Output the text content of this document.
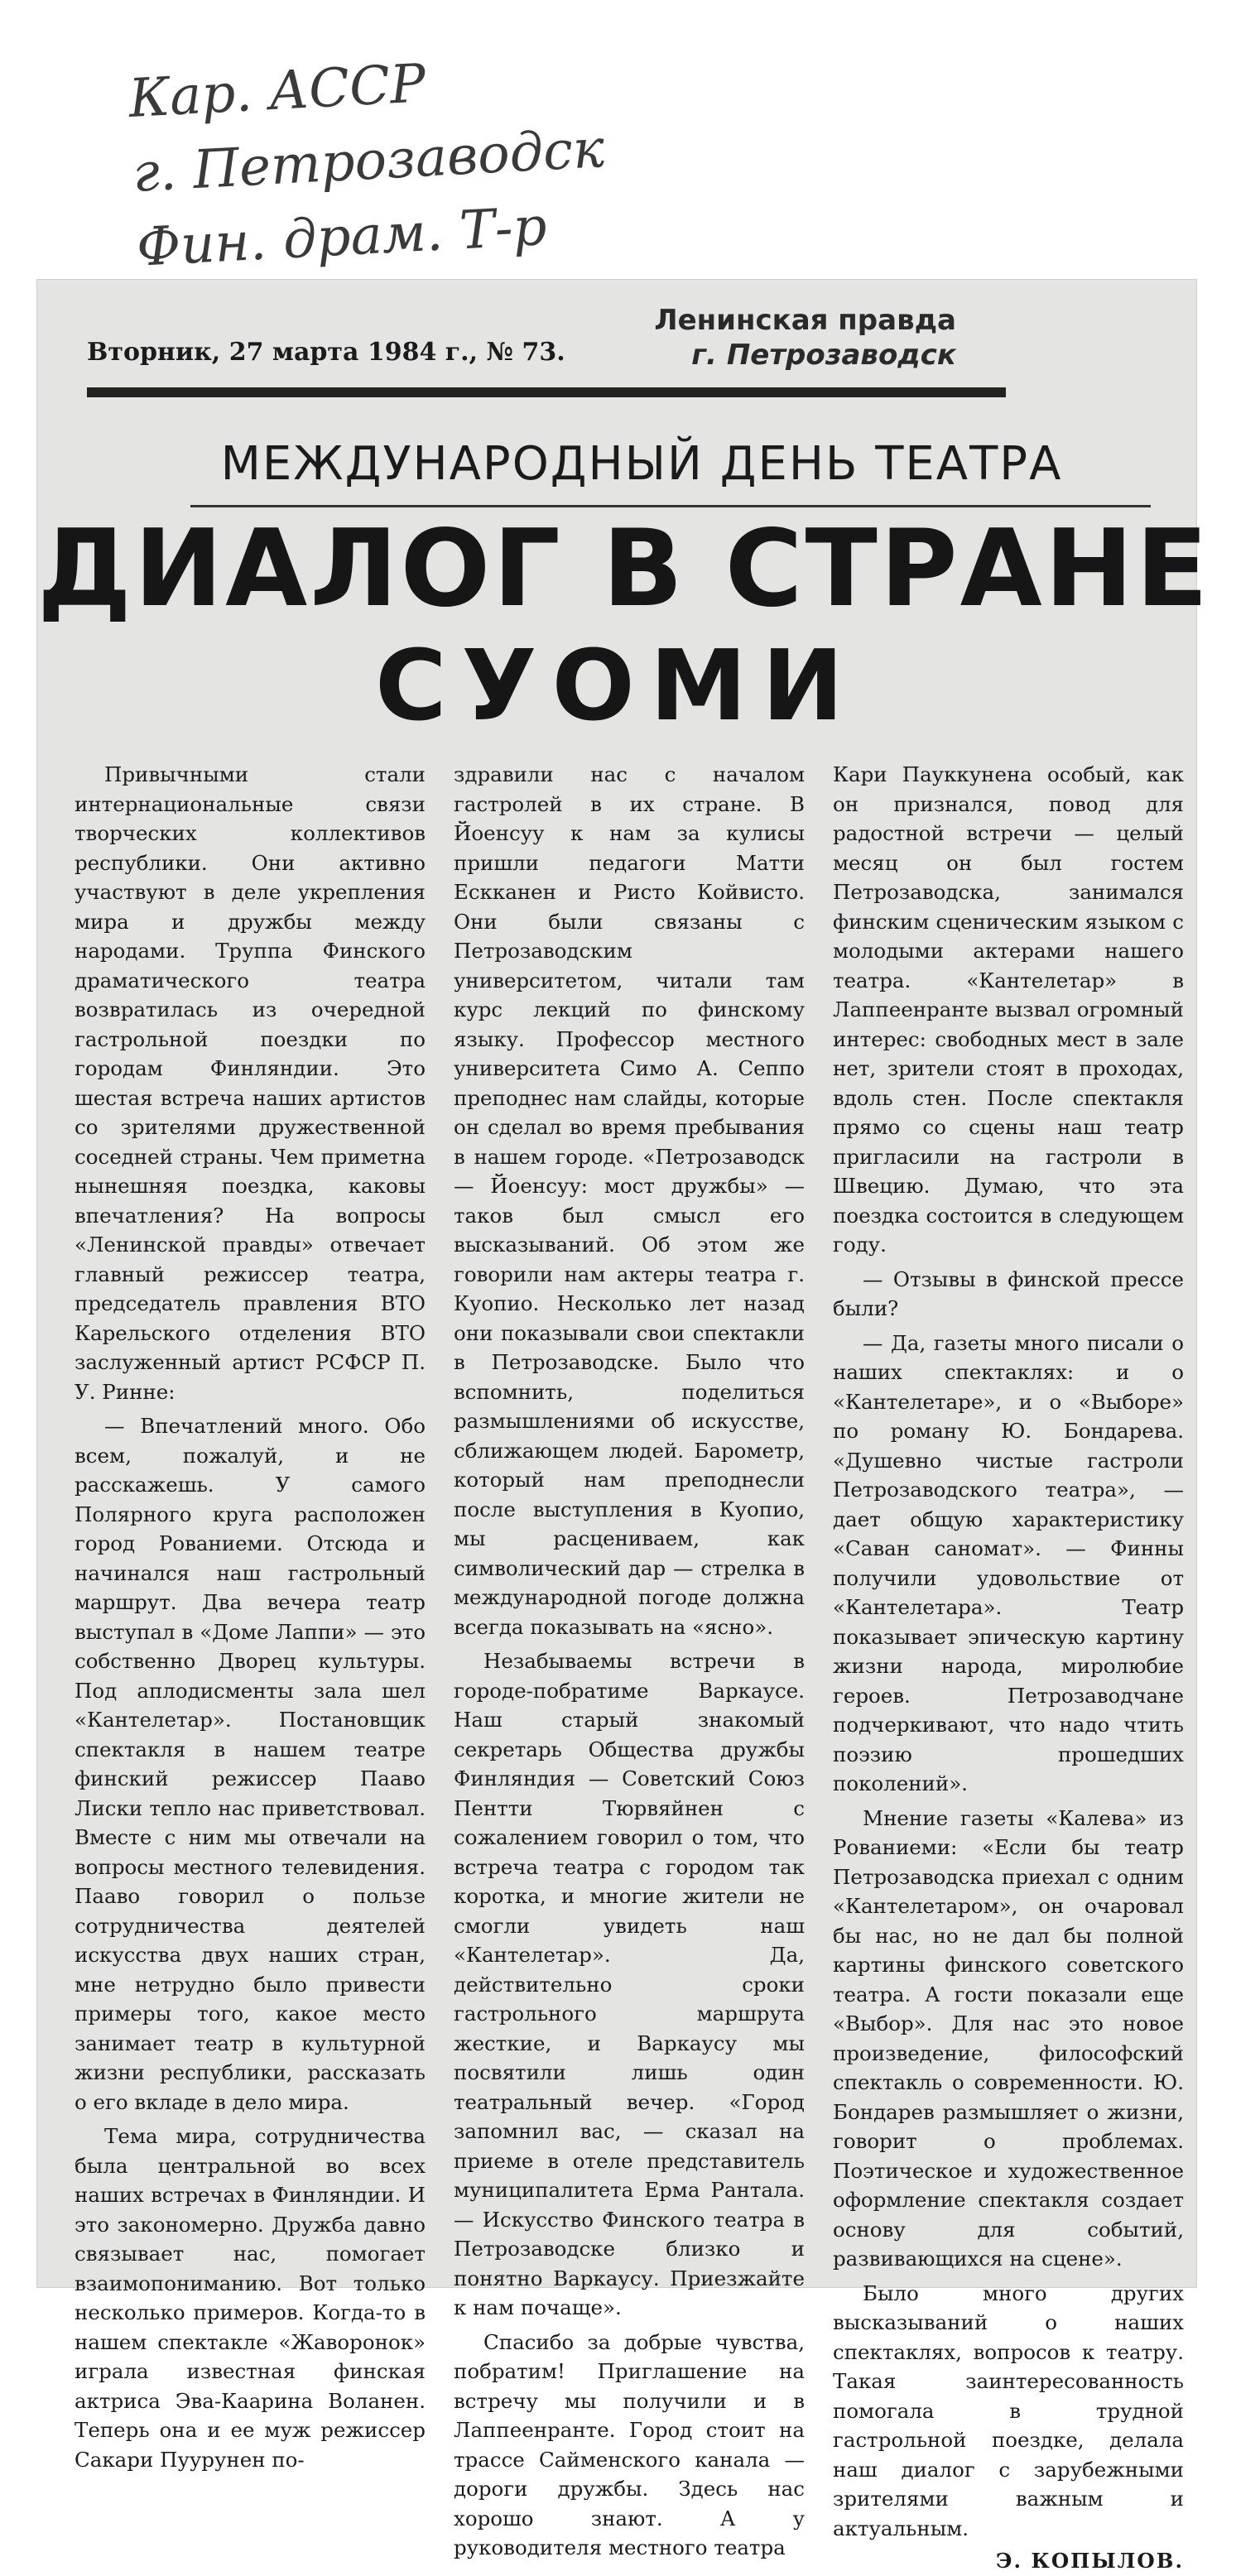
Кар. АССР
г. Петрозаводск
Фин. драм. Т-р
Вторник, 27 марта 1984 г., № 73.
Ленинская правда
г. Петрозаводск
МЕЖДУНАРОДНЫЙ ДЕНЬ ТЕАТРА
ДИАЛОГ В СТРАНЕ
СУОМИ

Привычными стали интернациональные связи творческих коллективов республики. Они активно участвуют в деле укрепления мира и дружбы между народами. Труппа Финского драматического театра возвратилась из очередной гастрольной поездки по городам Финляндии. Это шестая встреча наших артистов со зрителями дружественной соседней страны. Чем приметна нынешняя поездка, каковы впечатления? На вопросы «Ленинской правды» отвечает главный режиссер театра, председатель правления ВТО Карельского отделения ВТО заслуженный артист РСФСР П. У. Ринне:

— Впечатлений много. Обо всем, пожалуй, и не расскажешь. У самого Полярного круга расположен город Рованиеми. Отсюда и начинался наш гастрольный маршрут. Два вечера театр выступал в «Доме Лаппи» — это собственно Дворец культуры. Под аплодисменты зала шел «Кантелетар». Постановщик спектакля в нашем театре финский режиссер Пааво Лиски тепло нас приветствовал. Вместе с ним мы отвечали на вопросы местного телевидения. Пааво говорил о пользе сотрудничества деятелей искусства двух наших стран, мне нетрудно было привести примеры того, какое место занимает театр в культурной жизни республики, рассказать о его вкладе в дело мира.

Тема мира, сотрудничества была центральной во всех наших встречах в Финляндии. И это закономерно. Дружба давно связывает нас, помогает взаимопониманию. Вот только несколько примеров. Когда-то в нашем спектакле «Жаворонок» играла известная финская актриса Эва-Каарина Воланен. Теперь она и ее муж режиссер Сакари Пуурунен по-

здравили нас с началом гастролей в их стране. В Йоенсуу к нам за кулисы пришли педагоги Матти Ескканен и Ристо Койвисто. Они были связаны с Петрозаводским университетом, читали там курс лекций по финскому языку. Профессор местного университета Симо А. Сеппо преподнес нам слайды, которые он сделал во время пребывания в нашем городе. «Петрозаводск — Йоенсуу: мост дружбы» — таков был смысл его высказываний. Об этом же говорили нам актеры театра г. Куопио. Несколько лет назад они показывали свои спектакли в Петрозаводске. Было что вспомнить, поделиться размышлениями об искусстве, сближающем людей. Барометр, который нам преподнесли после выступления в Куопио, мы расцениваем, как символический дар — стрелка в международной погоде должна всегда показывать на «ясно».

Незабываемы встречи в городе-побратиме Варкаусе. Наш старый знакомый секретарь Общества дружбы Финляндия — Советский Союз Пентти Тюрвяйнен с сожалением говорил о том, что встреча театра с городом так коротка, и многие жители не смогли увидеть наш «Кантелетар». Да, действительно сроки гастрольного маршрута жесткие, и Варкаусу мы посвятили лишь один театральный вечер. «Город запомнил вас, — сказал на приеме в отеле представитель муниципалитета Ерма Рантала. — Искусство Финского театра в Петрозаводске близко и понятно Варкаусу. Приезжайте к нам почаще».

Спасибо за добрые чувства, побратим! Приглашение на встречу мы получили и в Лаппеенранте. Город стоит на трассе Сайменского канала — дороги дружбы. Здесь нас хорошо знают. А у руководителя местного театра

Кари Пауккунена особый, как он признался, повод для радостной встречи — целый месяц он был гостем Петрозаводска, занимался финским сценическим языком с молодыми актерами нашего театра. «Кантелетар» в Лаппеенранте вызвал огромный интерес: свободных мест в зале нет, зрители стоят в проходах, вдоль стен. После спектакля прямо со сцены наш театр пригласили на гастроли в Швецию. Думаю, что эта поездка состоится в следующем году.

— Отзывы в финской прессе были?

— Да, газеты много писали о наших спектаклях: и о «Кантелетаре», и о «Выборе» по роману Ю. Бондарева. «Душевно чистые гастроли Петрозаводского театра», — дает общую характеристику «Саван саномат». — Финны получили удовольствие от «Кантелетара». Театр показывает эпическую картину жизни народа, миролюбие героев. Петрозаводчане подчеркивают, что надо чтить поэзию прошедших поколений».

Мнение газеты «Калева» из Рованиеми: «Если бы театр Петрозаводска приехал с одним «Кантелетаром», он очаровал бы нас, но не дал бы полной картины финского советского театра. А гости показали еще «Выбор». Для нас это новое произведение, философский спектакль о современности. Ю. Бондарев размышляет о жизни, говорит о проблемах. Поэтическое и художественное оформление спектакля создает основу для событий, развивающихся на сцене».

Было много других высказываний о наших спектаклях, вопросов к театру. Такая заинтересованность помогала в трудной гастрольной поездке, делала наш диалог с зарубежными зрителями важным и актуальным.

Э. КОПЫЛОВ.
